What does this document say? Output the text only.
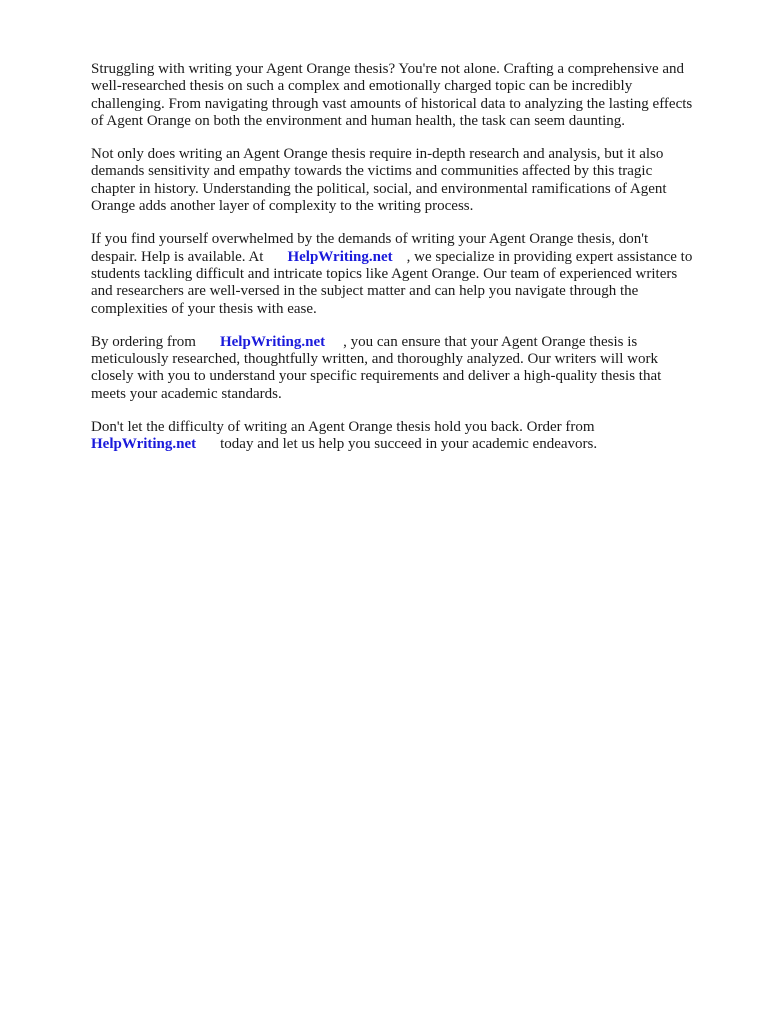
Struggling with writing your Agent Orange thesis? You're not alone. Crafting a comprehensive and
well-researched thesis on such a complex and emotionally charged topic can be incredibly
challenging. From navigating through vast amounts of historical data to analyzing the lasting effects
of Agent Orange on both the environment and human health, the task can seem daunting.

Not only does writing an Agent Orange thesis require in-depth research and analysis, but it also
demands sensitivity and empathy towards the victims and communities affected by this tragic
chapter in history. Understanding the political, social, and environmental ramifications of Agent
Orange adds another layer of complexity to the writing process.

If you find yourself overwhelmed by the demands of writing your Agent Orange thesis, don't
despair. Help is available. At HelpWriting.net , we specialize in providing expert assistance to
students tackling difficult and intricate topics like Agent Orange. Our team of experienced writers
and researchers are well-versed in the subject matter and can help you navigate through the
complexities of your thesis with ease.

By ordering from HelpWriting.net , you can ensure that your Agent Orange thesis is
meticulously researched, thoughtfully written, and thoroughly analyzed. Our writers will work
closely with you to understand your specific requirements and deliver a high-quality thesis that
meets your academic standards.

Don't let the difficulty of writing an Agent Orange thesis hold you back. Order from
HelpWriting.net today and let us help you succeed in your academic endeavors.
